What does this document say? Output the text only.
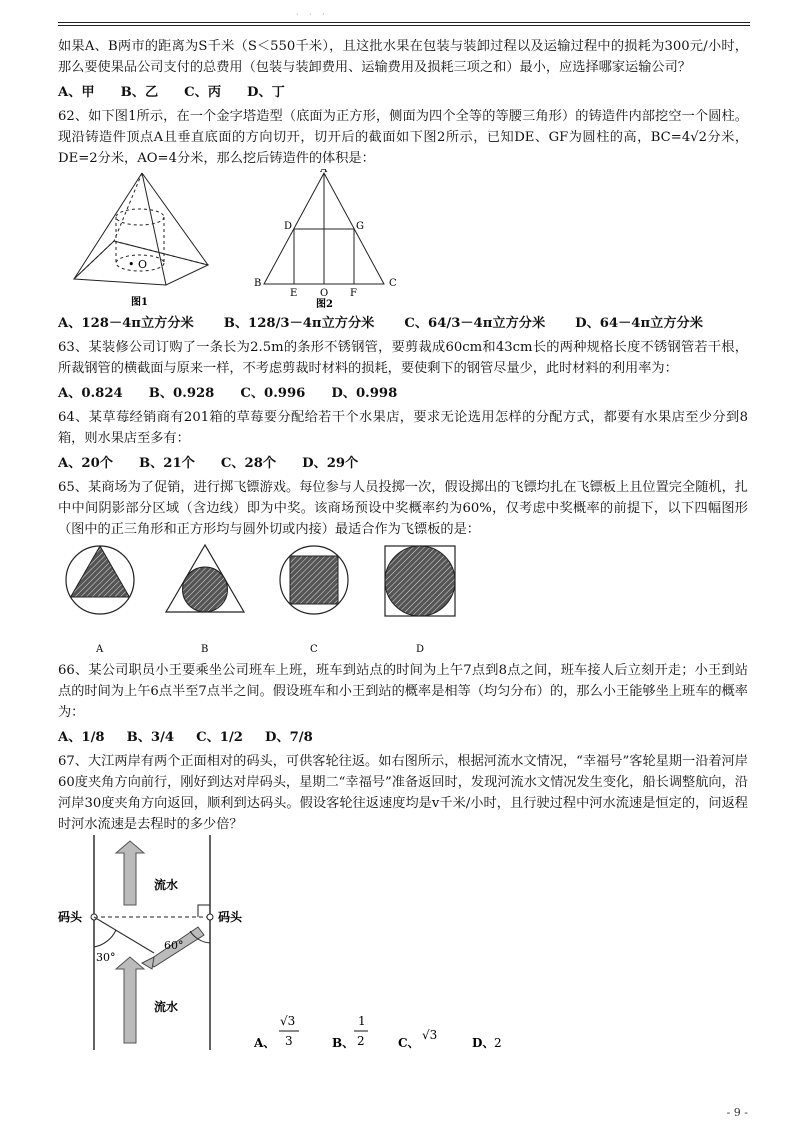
· · ·

如果A、B两市的距离为S千米（S＜550千米），且这批水果在包装与装卸过程以及运输过程中的损耗为300元/小时，那么要使果品公司支付的总费用（包装与装卸费用、运输费用及损耗三项之和）最小，应选择哪家运输公司？

A、甲 B、乙 C、丙 D、丁

62、如下图1所示，在一个金字塔造型（底面为正方形，侧面为四个全等的等腰三角形）的铸造件内部挖空一个圆柱。现沿铸造件顶点A且垂直底面的方向切开，切开后的截面如下图2所示，已知DE、GF为圆柱的高，BC=4√2分米，DE=2分米，AO=4分米，那么挖后铸造件的体积是：

• O
图1
A
B	C
D	G
E O F
图2
A、128－4π立方分米 B、128/3－4π立方分米 C、64/3－4π立方分米 D、64－4π立方分米

63、某装修公司订购了一条长为2.5m的条形不锈钢管，要剪裁成60cm和43cm长的两种规格长度不锈钢管若干根，所裁钢管的横截面与原来一样，不考虑剪裁时材料的损耗，要使剩下的钢管尽量少，此时材料的利用率为：

A、0.824 B、0.928 C、0.996 D、0.998

64、某草莓经销商有201箱的草莓要分配给若干个水果店，要求无论选用怎样的分配方式，都要有水果店至少分到8箱，则水果店至多有：

A、20个 B、21个 C、28个 D、29个

65、某商场为了促销，进行掷飞镖游戏。每位参与人员投掷一次，假设掷出的飞镖均扎在飞镖板上且位置完全随机，扎中中间阴影部分区域（含边线）即为中奖。该商场预设中奖概率约为60%，仅考虑中奖概率的前提下，以下四幅图形（图中的正三角形和正方形均与圆外切或内接）最适合作为飞镖板的是：

A	B	C	D

66、某公司职员小王要乘坐公司班车上班，班车到站点的时间为上午7点到8点之间，班车接人后立刻开走；小王到站点的时间为上午6点半至7点半之间。假设班车和小王到站的概率是相等（均匀分布）的，那么小王能够坐上班车的概率为：

A、1/8 B、3/4 C、1/2 D、7/8

67、大江两岸有两个正面相对的码头，可供客轮往返。如右图所示，根据河流水文情况，“幸福号”客轮星期一沿着河岸60度夹角方向前行，刚好到达对岸码头，星期二“幸福号”准备返回时，发现河流水文情况发生变化，船长调整航向，沿河岸30度夹角方向返回，顺利到达码头。假设客轮往返速度均是v千米/小时，且行驶过程中河水流速是恒定的，问返程时河水流速是去程时的多少倍？

流水
流水
码头	码头
30°
60°
A、
√3
3	B、
1
2	C、
√3
D、 2
- 9 -
